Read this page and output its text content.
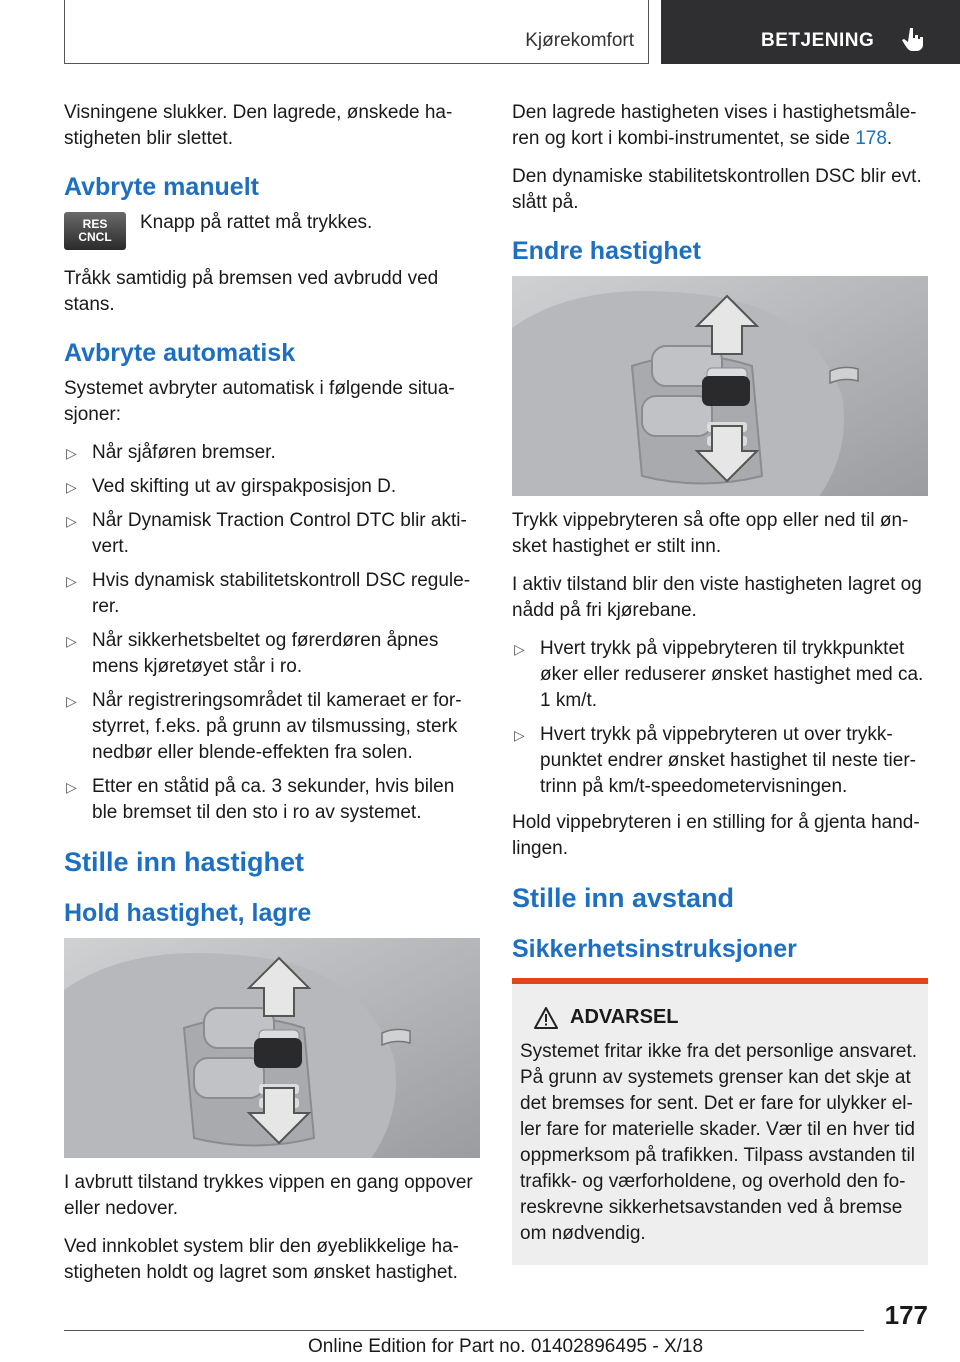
Kjørekomfort	BETJENING

Visningene slukker. Den lagrede, ønskede ha‐stigheten blir slettet.

Avbryte manuelt
RES
CNCL
Knapp på rattet må trykkes.

Tråkk samtidig på bremsen ved avbrudd ved stans.

Avbryte automatisk

Systemet avbryter automatisk i følgende situa‐sjoner:

▷ Når sjåføren bremser.
▷ Ved skifting ut av girspakposisjon D.
▷ Når Dynamisk Traction Control DTC blir akti‐vert.
▷ Hvis dynamisk stabilitetskontroll DSC regule‐rer.
▷ Når sikkerhetsbeltet og førerdøren åpnes mens kjøretøyet står i ro.
▷ Når registreringsområdet til kameraet er for‐styrret, f.eks. på grunn av tilsmussing, sterk nedbør eller blende-effekten fra solen.
▷ Etter en ståtid på ca. 3 sekunder, hvis bilen ble bremset til den sto i ro av systemet.
Stille inn hastighet
Hold hastighet, lagre

I avbrutt tilstand trykkes vippen en gang oppover eller nedover.

Ved innkoblet system blir den øyeblikkelige ha‐stigheten holdt og lagret som ønsket hastighet.

Den lagrede hastigheten vises i hastighetsmåle‐ren og kort i kombi-instrumentet, se side 178.

Den dynamiske stabilitetskontrollen DSC blir evt. slått på.

Endre hastighet

Trykk vippebryteren så ofte opp eller ned til øn‐sket hastighet er stilt inn.

I aktiv tilstand blir den viste hastigheten lagret og nådd på fri kjørebane.

▷ Hvert trykk på vippebryteren til trykkpunktet øker eller reduserer ønsket hastighet med ca. 1 km/t.
▷ Hvert trykk på vippebryteren ut over trykk‐punktet endrer ønsket hastighet til neste tier‐trinn på km/t-speedometervisningen.

Hold vippebryteren i en stilling for å gjenta hand‐lingen.

Stille inn avstand
Sikkerhetsinstruksjoner
ADVARSEL

Systemet fritar ikke fra det personlige ansvaret. På grunn av systemets grenser kan det skje at det bremses for sent. Det er fare for ulykker el‐ler fare for materielle skader. Vær til en hver tid oppmerksom på trafikken. Tilpass avstanden til trafikk- og værforholdene, og overhold den fo‐reskrevne sikkerhetsavstanden ved å bremse om nødvendig.

177
Online Edition for Part no. 01402896495 - X/18
